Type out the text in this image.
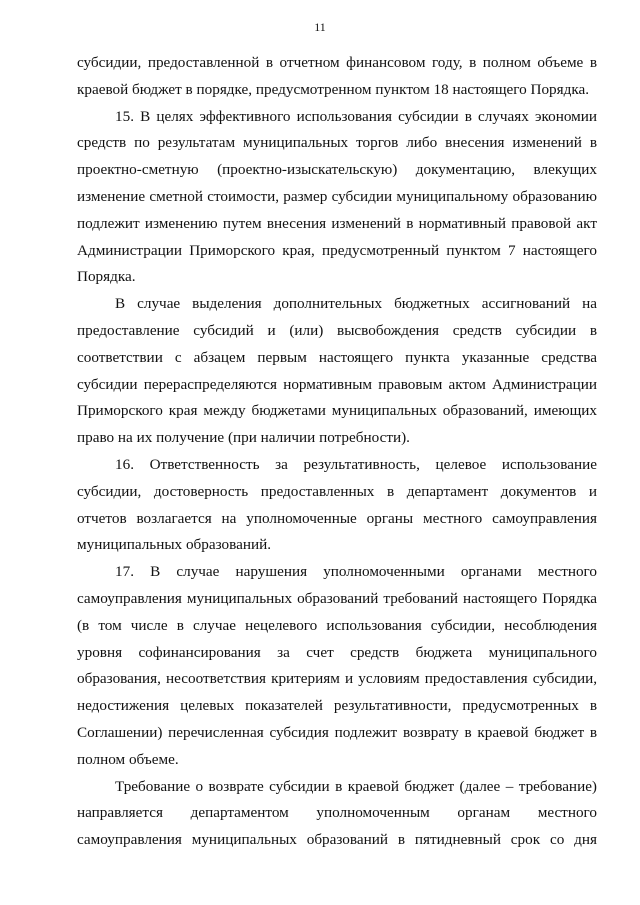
11

субсидии, предоставленной в отчетном финансовом году, в полном объеме в краевой бюджет в порядке, предусмотренном пунктом 18 настоящего Порядка.

15. В целях эффективного использования субсидии в случаях экономии средств по результатам муниципальных торгов либо внесения изменений в проектно-сметную (проектно-изыскательскую) документацию, влекущих изменение сметной стоимости, размер субсидии муниципальному образованию подлежит изменению путем внесения изменений в нормативный правовой акт Администрации Приморского края, предусмотренный пунктом 7 настоящего Порядка.

В случае выделения дополнительных бюджетных ассигнований на предоставление субсидий и (или) высвобождения средств субсидии в соответствии с абзацем первым настоящего пункта указанные средства субсидии перераспределяются нормативным правовым актом Администрации Приморского края между бюджетами муниципальных образований, имеющих право на их получение (при наличии потребности).

16. Ответственность за результативность, целевое использование субсидии, достоверность предоставленных в департамент документов и отчетов возлагается на уполномоченные органы местного самоуправления муниципальных образований.

17. В случае нарушения уполномоченными органами местного самоуправления муниципальных образований требований настоящего Порядка (в том числе в случае нецелевого использования субсидии, несоблюдения уровня софинансирования за счет средств бюджета муниципального образования, несоответствия критериям и условиям предоставления субсидии, недостижения целевых показателей результативности, предусмотренных в Соглашении) перечисленная субсидия подлежит возврату в краевой бюджет в полном объеме.

Требование о возврате субсидии в краевой бюджет (далее – требование) направляется департаментом уполномоченным органам местного самоуправления муниципальных образований в пятидневный срок со дня
